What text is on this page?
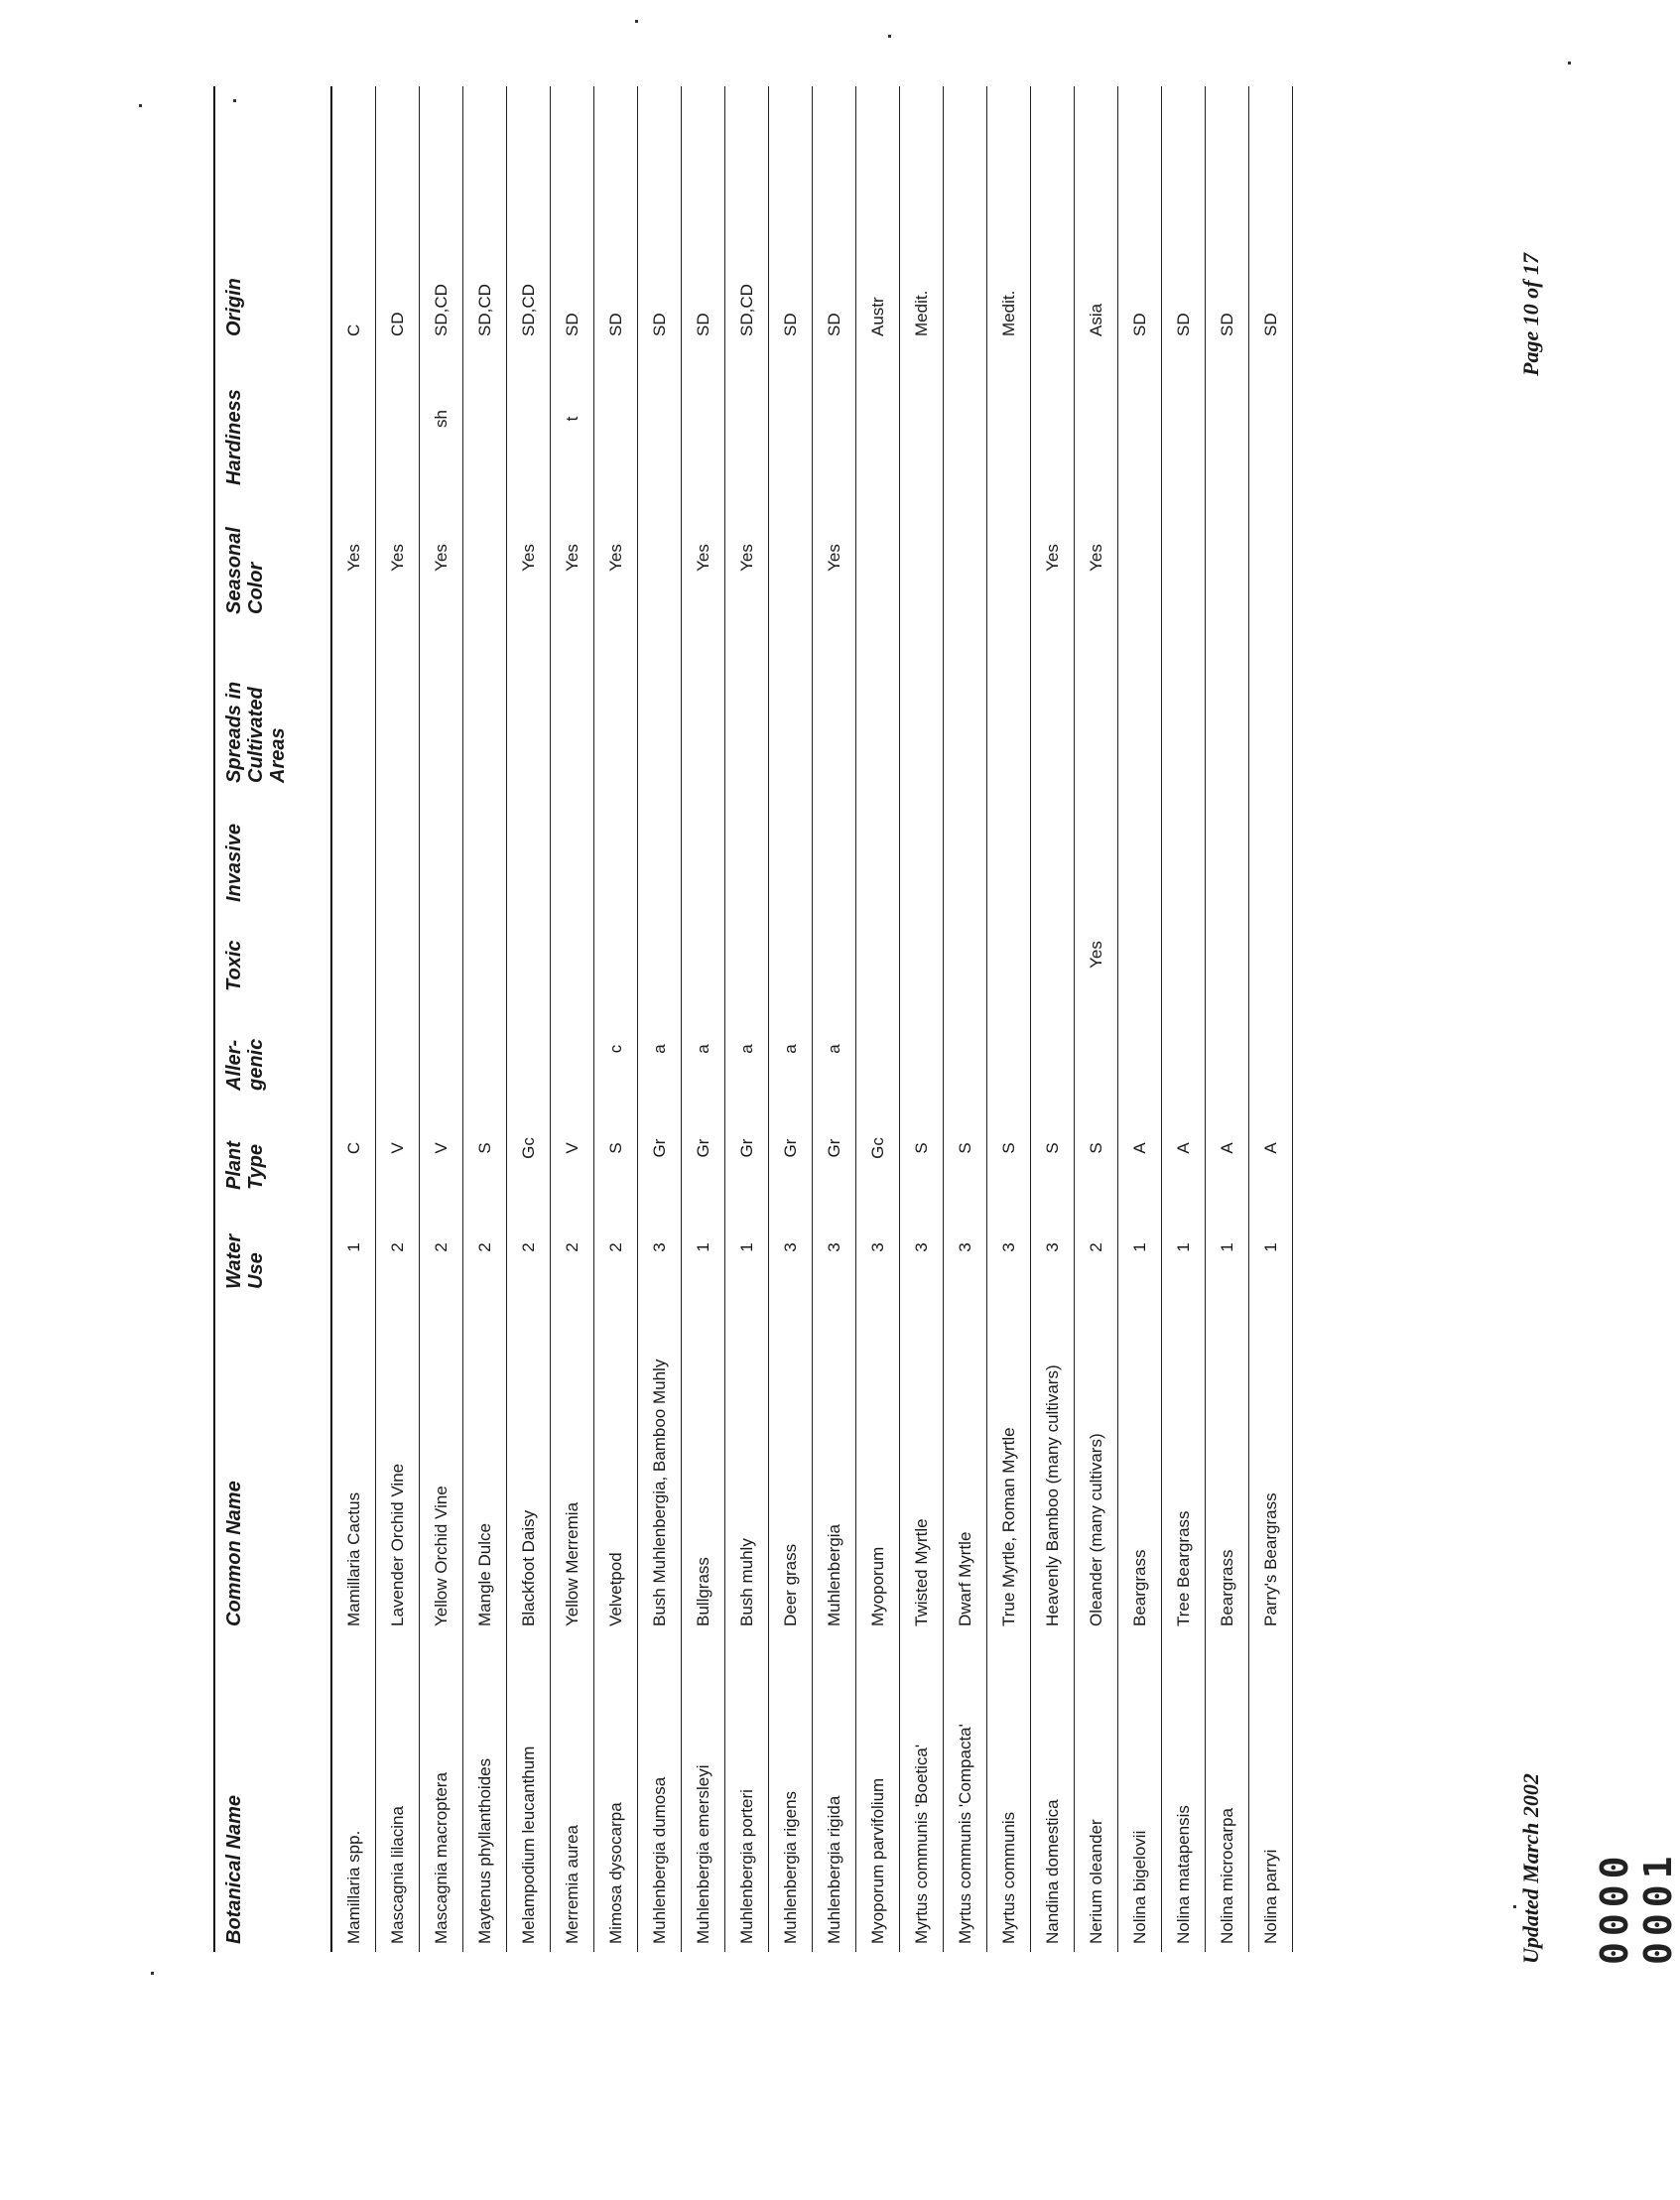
Botanical Name	Common Name	Water Use	Plant Type	Aller-genic	Toxic	Invasive	Spreads in Cultivated Areas	Seasonal Color	Hardiness	Origin
Mamillaria spp.	Mamillaria Cactus	1	C					Yes		C
Mascagnia lilacina	Lavender Orchid Vine	2	V					Yes		CD
Mascagnia macroptera	Yellow Orchid Vine	2	V					Yes	sh	SD,CD
Maytenus phyllanthoides	Mangle Dulce	2	S							SD,CD
Melampodium leucanthum	Blackfoot Daisy	2	Gc					Yes		SD,CD
Merremia aurea	Yellow Merremia	2	V					Yes	t	SD
Mimosa dysocarpa	Velvetpod	2	S	c				Yes		SD
Muhlenbergia dumosa	Bush Muhlenbergia, Bamboo Muhly	3	Gr	a						SD
Muhlenbergia emersleyi	Bullgrass	1	Gr	a				Yes		SD
Muhlenbergia porteri	Bush muhly	1	Gr	a				Yes		SD,CD
Muhlenbergia rigens	Deer grass	3	Gr	a						SD
Muhlenbergia rigida	Muhlenbergia	3	Gr	a				Yes		SD
Myoporum parvifolium	Myoporum	3	Gc							Austr
Myrtus communis 'Boetica'	Twisted Myrtle	3	S							Medit.
Myrtus communis 'Compacta'	Dwarf Myrtle	3	S							
Myrtus communis	True Myrtle, Roman Myrtle	3	S							Medit.
Nandina domestica	Heavenly Bamboo (many cultivars)	3	S					Yes		
Nerium oleander	Oleander (many cultivars)	2	S		Yes			Yes		Asia
Nolina bigelovii	Beargrass	1	A							SD
Nolina matapensis	Tree Beargrass	1	A							SD
Nolina microcarpa	Beargrass	1	A							SD
Nolina parryi	Parry's Beargrass	1	A							SD
Updated March 2002
Page 10 of 17
0000 0001
